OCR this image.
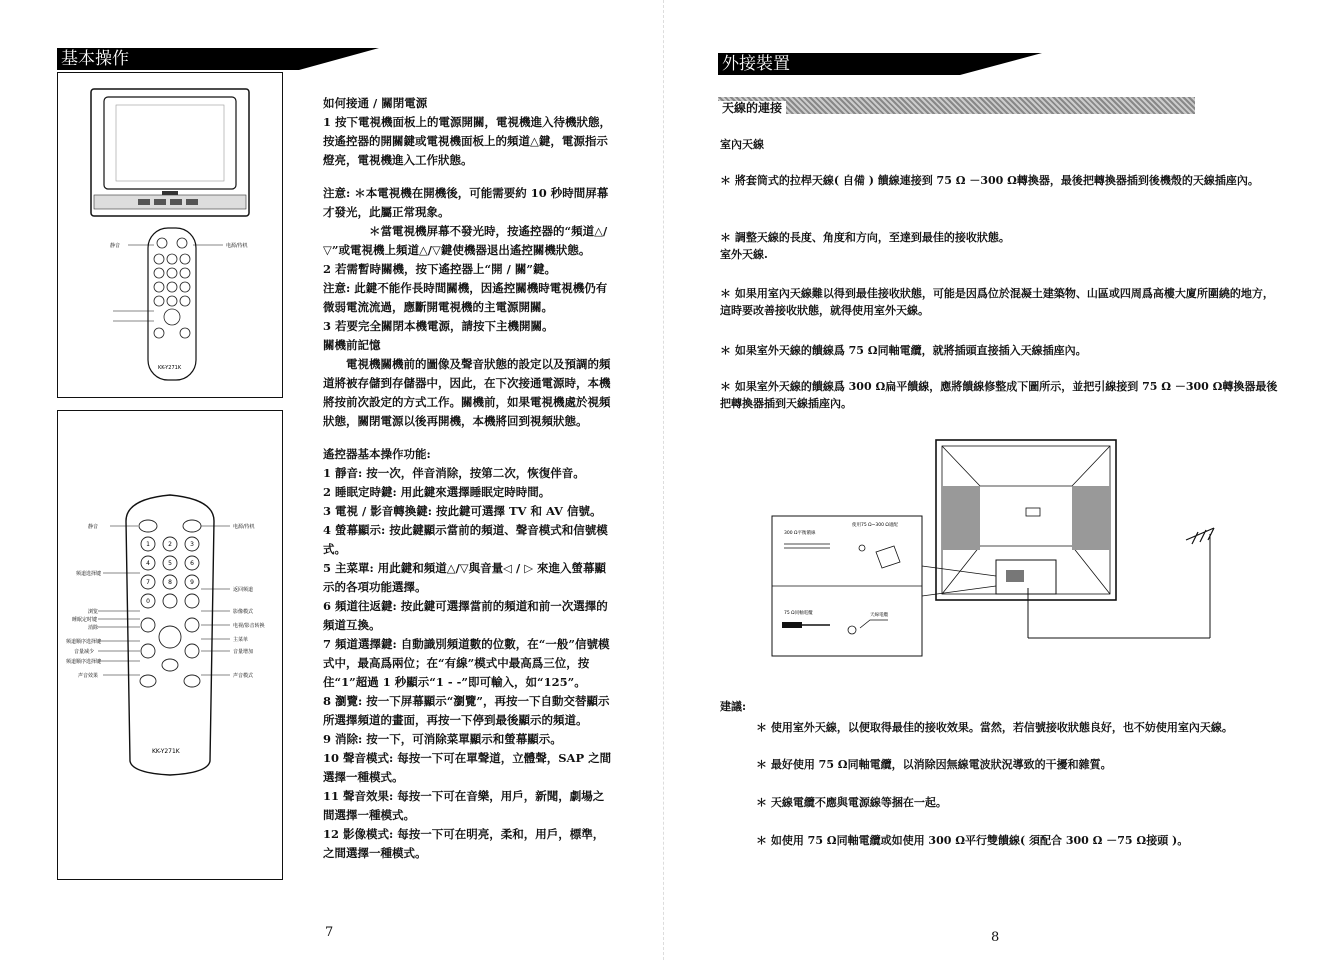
基本操作
KK-Y271K
静音	电源/待机
1	2	3
4	5	6
7	8	9
0
KK-Y271K
静音
频道选择键
浏览
睡眠定时键
消除
频道顺序选择键
音量减少
频道顺序选择键
声音效果
电源/待机
返回频道
影像模式
电视/影音转换
主菜单
音量增加
声音模式

如何接通 / 關閉電源

1 按下電視機面板上的電源開關，電視機進入待機狀態，按遙控器的開關鍵或電視機面板上的頻道△鍵，電源指示燈亮，電視機進入工作狀態。

注意: ＊本電視機在開機後，可能需要約 10 秒時間屏幕才發光，此屬正常現象。

＊當電視機屏幕不發光時，按遙控器的“頻道△/▽”或電視機上頻道△/▽鍵使機器退出遙控關機狀態。

2 若需暫時關機，按下遙控器上“開 / 關”鍵。

注意: 此鍵不能作長時間關機，因遙控關機時電視機仍有微弱電流流過，應斷開電視機的主電源開關。

3 若要完全關閉本機電源，請按下主機開關。

關機前記憶

電視機關機前的圖像及聲音狀態的設定以及預調的頻道將被存儲到存儲器中，因此，在下次接通電源時，本機將按前次設定的方式工作。關機前，如果電視機處於視頻狀態，關閉電源以後再開機，本機將回到視頻狀態。

遙控器基本操作功能:

1 靜音: 按一次，伴音消除，按第二次，恢復伴音。

2 睡眠定時鍵: 用此鍵來選擇睡眠定時時間。

3 電視 / 影音轉換鍵: 按此鍵可選擇 TV 和 AV 信號。

4 螢幕顯示: 按此鍵顯示當前的頻道、聲音模式和信號模式。

5 主菜單: 用此鍵和頻道△/▽與音量◁ / ▷ 來進入螢幕顯示的各項功能選擇。

6 頻道往返鍵: 按此鍵可選擇當前的頻道和前一次選擇的頻道互換。

7 頻道選擇鍵: 自動識別頻道數的位數，在“一般”信號模式中，最高爲兩位；在“有線”模式中最高爲三位，按住“1”超過 1 秒顯示“1 - -”即可輸入，如“125”。

8 瀏覽: 按一下屏幕顯示“瀏覽”，再按一下自動交替顯示所選擇頻道的畫面，再按一下停到最後顯示的頻道。

9 消除: 按一下，可消除菜單顯示和螢幕顯示。

10 聲音模式: 每按一下可在單聲道，立體聲，SAP 之間選擇一種模式。

11 聲音效果: 每按一下可在音樂，用戶，新聞，劇場之間選擇一種模式。

12 影像模式: 每按一下可在明亮，柔和，用戶，標準，之間選擇一種模式。

7
外接裝置
天線的連接
室內天線
＊ 將套筒式的拉桿天線( 自備 ) 饋線連接到 75 Ω －300 Ω轉換器，最後把轉換器插到後機殼的天線插座內。
＊ 調整天線的長度、角度和方向，至達到最佳的接收狀態。
室外天線.
＊ 如果用室內天線難以得到最佳接收狀態，可能是因爲位於混凝土建築物、山區或四周爲高樓大廈所圍繞的地方，這時要改善接收狀態，就得使用室外天線。
＊ 如果室外天線的饋線爲 75 Ω同軸電纜，就將插頭直接插入天線插座內。
＊ 如果室外天線的饋線爲 300 Ω扁平饋線，應將饋線修整成下圖所示，並把引線接到 75 Ω －300 Ω轉換器最後把轉換器插到天線插座內。
300 Ω平衡饋線
使用75 Ω~300 Ω適配
75 Ω同軸電纜	天線電纜
建議:
＊ 使用室外天線，以便取得最佳的接收效果。當然，若信號接收狀態良好，也不妨使用室內天線。
＊ 最好使用 75 Ω同軸電纜，以消除因無線電波狀況導致的干擾和雜質。
＊ 天線電纜不應與電源線等捆在一起。
＊ 如使用 75 Ω同軸電纜或如使用 300 Ω平行雙饋線( 須配合 300 Ω －75 Ω接頭 )。
8
